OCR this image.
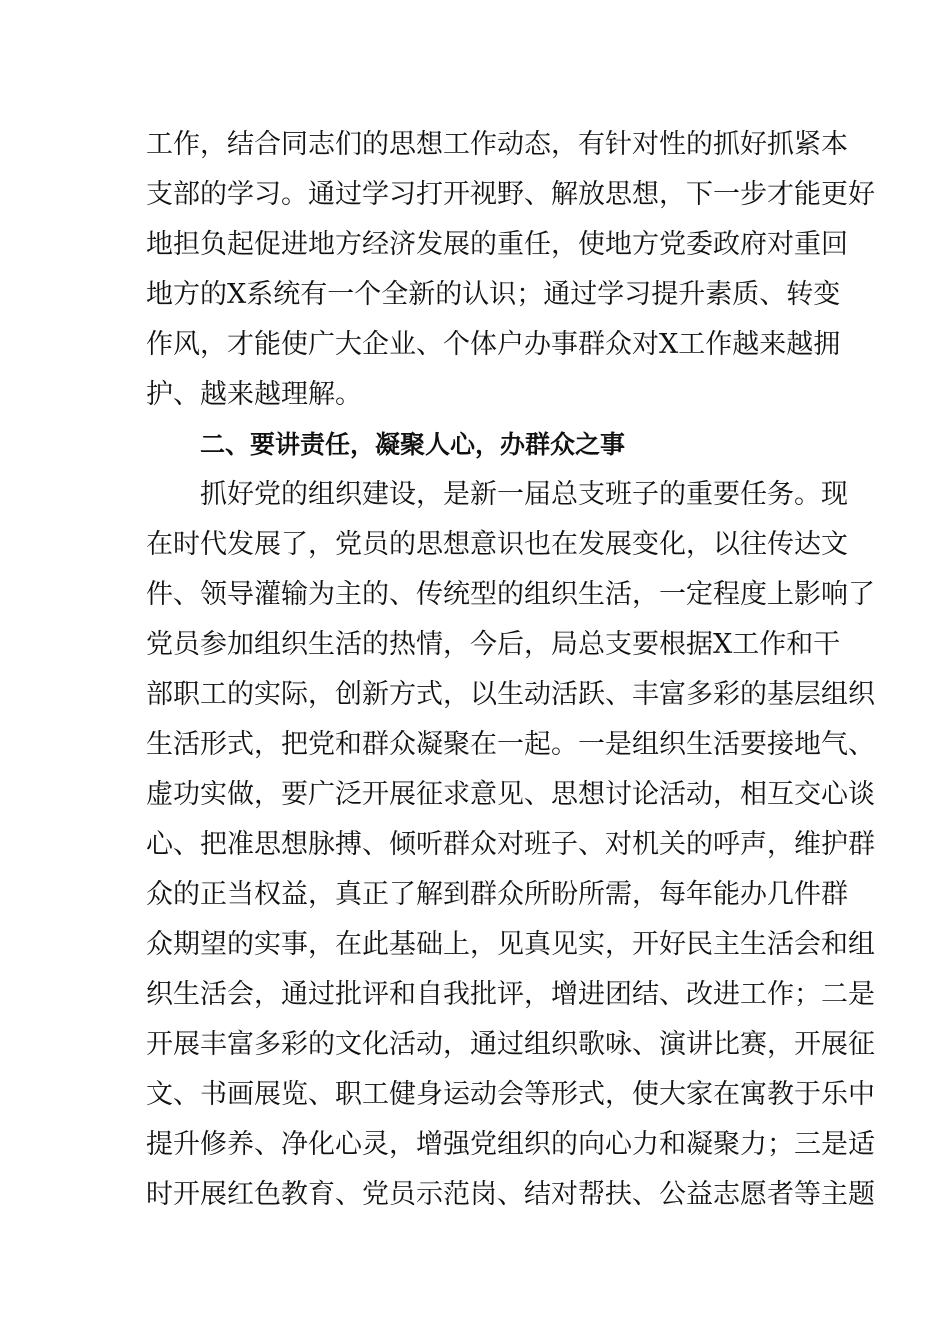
工作，结合同志们的思想工作动态，有针对性的抓好抓紧本
支部的学习。通过学习打开视野、解放思想，下一步才能更好
地担负起促进地方经济发展的重任，使地方党委政府对重回
地方的X系统有一个全新的认识；通过学习提升素质、转变
作风，才能使广大企业、个体户办事群众对X工作越来越拥
护、越来越理解。
二、要讲责任，凝聚人心，办群众之事
抓好党的组织建设，是新一届总支班子的重要任务。现
在时代发展了，党员的思想意识也在发展变化，以往传达文
件、领导灌输为主的、传统型的组织生活，一定程度上影响了
党员参加组织生活的热情，今后，局总支要根据X工作和干
部职工的实际，创新方式，以生动活跃、丰富多彩的基层组织
生活形式，把党和群众凝聚在一起。一是组织生活要接地气、
虚功实做，要广泛开展征求意见、思想讨论活动，相互交心谈
心、把准思想脉搏、倾听群众对班子、对机关的呼声，维护群
众的正当权益，真正了解到群众所盼所需，每年能办几件群
众期望的实事，在此基础上，见真见实，开好民主生活会和组
织生活会，通过批评和自我批评，增进团结、改进工作；二是
开展丰富多彩的文化活动，通过组织歌咏、演讲比赛，开展征
文、书画展览、职工健身运动会等形式，使大家在寓教于乐中
提升修养、净化心灵，增强党组织的向心力和凝聚力；三是适
时开展红色教育、党员示范岗、结对帮扶、公益志愿者等主题
